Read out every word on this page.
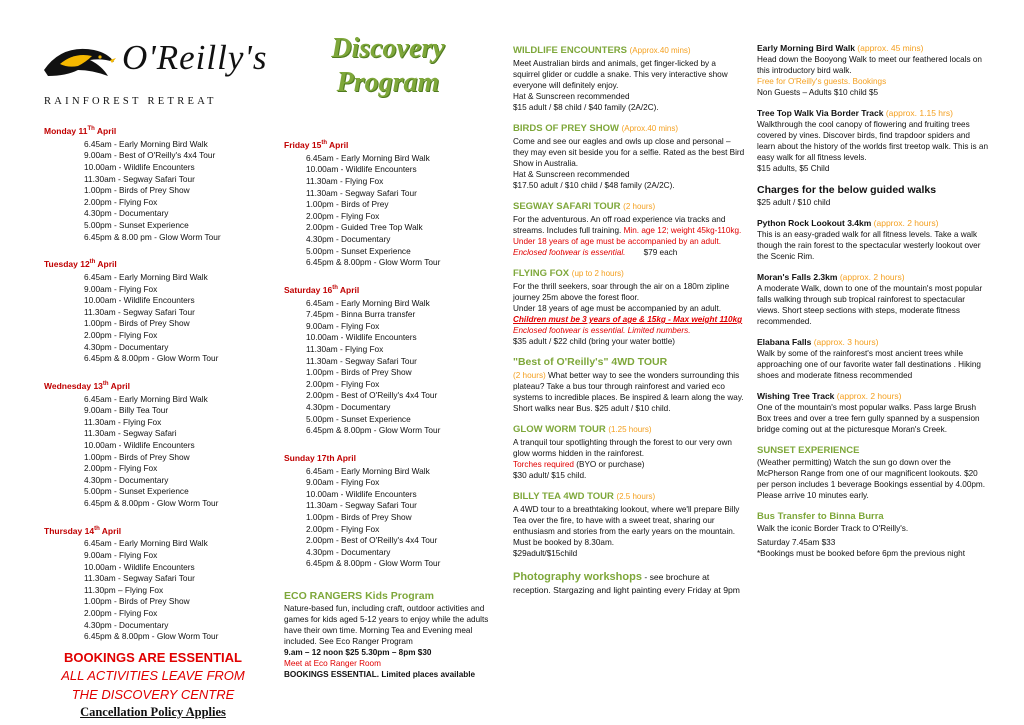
O'Reilly's
RAINFOREST RETREAT
Monday 11Th April
6.45am - Early Morning Bird Walk
9.00am - Best of O'Reilly's 4x4 Tour
10.00am - Wildlife Encounters
11.30am - Segway Safari Tour
1.00pm - Birds of Prey Show
2.00pm - Flying Fox
4.30pm - Documentary
5.00pm - Sunset Experience
6.45pm & 8.00 pm - Glow Worm Tour
Tuesday 12th April
6.45am - Early Morning Bird Walk
9.00am - Flying Fox
10.00am - Wildlife Encounters
11.30am - Segway Safari Tour
1.00pm - Birds of Prey Show
2.00pm - Flying Fox
4.30pm - Documentary
6.45pm & 8.00pm - Glow Worm Tour
Wednesday 13th April
6.45am - Early Morning Bird Walk
9.00am - Billy Tea Tour
11.30am - Flying Fox
11.30am - Segway Safari
10.00am - Wildlife Encounters
1.00pm - Birds of Prey Show
2.00pm - Flying Fox
4.30pm - Documentary
5.00pm - Sunset Experience
6.45pm & 8.00pm - Glow Worm Tour
Thursday 14th April
6.45am - Early Morning Bird Walk
9.00am - Flying Fox
10.00am - Wildlife Encounters
11.30am - Segway Safari Tour
11.30pm – Flying Fox
1.00pm - Birds of Prey Show
2.00pm - Flying Fox
4.30pm - Documentary
6.45pm & 8.00pm - Glow Worm Tour
BOOKINGS ARE ESSENTIAL
ALL ACTIVITIES LEAVE FROM
THE DISCOVERY CENTRE
Cancellation Policy Applies
Discovery
Program
Friday 15th April
6.45am - Early Morning Bird Walk
10.00am - Wildlife Encounters
11.30am - Flying Fox
11.30am - Segway Safari Tour
1.00pm - Birds of Prey
2.00pm - Flying Fox
2.00pm - Guided Tree Top Walk
4.30pm - Documentary
5.00pm - Sunset Experience
6.45pm & 8.00pm - Glow Worm Tour
Saturday 16th April
6.45am - Early Morning Bird Walk
7.45pm - Binna Burra transfer
9.00am - Flying Fox
10.00am - Wildlife Encounters
11.30am - Flying Fox
11.30am - Segway Safari Tour
1.00pm - Birds of Prey Show
2.00pm - Flying Fox
2.00pm - Best of O'Reilly's 4x4 Tour
4.30pm - Documentary
5.00pm - Sunset Experience
6.45pm & 8.00pm - Glow Worm Tour
Sunday 17th April
6.45am - Early Morning Bird Walk
9.00am - Flying Fox
10.00am - Wildlife Encounters
11.30am - Segway Safari Tour
1.00pm - Birds of Prey Show
2.00pm - Flying Fox
2.00pm - Best of O'Reilly's 4x4 Tour
4.30pm - Documentary
6.45pm & 8.00pm - Glow Worm Tour
ECO RANGERS Kids Program
Nature-based fun, including craft, outdoor activities and games for kids aged 5-12 years to enjoy while the adults have their own time. Morning Tea and Evening meal included. See Eco Ranger Program
9.am – 12 noon $25 5.30pm – 8pm $30
Meet at Eco Ranger Room
BOOKINGS ESSENTIAL. Limited places available
WILDLIFE ENCOUNTERS (Approx.40 mins)
Meet Australian birds and animals, get finger-licked by a squirrel glider or cuddle a snake. This very interactive show everyone will definitely enjoy.
Hat & Sunscreen recommended
$15 adult / $8 child / $40 family (2A/2C).
BIRDS OF PREY SHOW (Aprox.40 mins)
Come and see our eagles and owls up close and personal – they may even sit beside you for a selfie. Rated as the best Bird Show in Australia.
Hat & Sunscreen recommended
$17.50 adult / $10 child / $48 family (2A/2C).
SEGWAY SAFARI TOUR (2 hours)
For the adventurous. An off road experience via tracks and streams. Includes full training. Min. age 12; weight 45kg-110kg. Under 18 years of age must be accompanied by an adult.
Enclosed footwear is essential. $79 each
FLYING FOX (up to 2 hours)
For the thrill seekers, soar through the air on a 180m zipline journey 25m above the forest floor.
Under 18 years of age must be accompanied by an adult. Children must be 3 years of age & 15kg - Max weight 110kg
Enclosed footwear is essential. Limited numbers.
$35 adult / $22 child (bring your water bottle)
"Best of O'Reilly's" 4WD TOUR
(2 hours) What better way to see the wonders surrounding this plateau? Take a bus tour through rainforest and varied eco systems to incredible places. Be inspired & learn along the way.
Short walks near Bus. $25 adult / $10 child.
GLOW WORM TOUR (1.25 hours)
A tranquil tour spotlighting through the forest to our very own glow worms hidden in the rainforest.
Torches required (BYO or purchase)
$30 adult/ $15 child.
BILLY TEA 4WD TOUR (2.5 hours)
A 4WD tour to a breathtaking lookout, where we'll prepare Billy Tea over the fire, to have with a sweet treat, sharing our enthusiasm and stories from the early years on the mountain.
Must be booked by 8.30am.
$29adult/$15child
Photography workshops - see brochure at reception. Stargazing and light painting every Friday at 9pm
Early Morning Bird Walk (approx. 45 mins)
Head down the Booyong Walk to meet our feathered locals on this introductory bird walk.
Free for O'Reilly's guests. Bookings
Non Guests – Adults $10 child $5
Tree Top Walk Via Border Track (approx. 1.15 hrs)
Walkthrough the cool canopy of flowering and fruiting trees covered by vines. Discover birds, find trapdoor spiders and learn about the history of the worlds first treetop walk. This is an easy walk for all fitness levels.
$15 adults, $5 Child
Charges for the below guided walks
$25 adult / $10 child
Python Rock Lookout 3.4km (approx. 2 hours)
This is an easy-graded walk for all fitness levels. Take a walk though the rain forest to the spectacular westerly lookout over the Scenic Rim.
Moran's Falls 2.3km (approx. 2 hours)
A moderate Walk, down to one of the mountain's most popular falls walking through sub tropical rainforest to spectacular views. Short steep sections with steps, moderate fitness recommended.
Elabana Falls (approx. 3 hours)
Walk by some of the rainforest's most ancient trees while approaching one of our favorite water fall destinations . Hiking shoes and moderate fitness recommended
Wishing Tree Track (approx. 2 hours)
One of the mountain's most popular walks. Pass large Brush Box trees and over a tree fern gully spanned by a suspension bridge coming out at the picturesque Moran's Creek.
SUNSET EXPERIENCE
(Weather permitting) Watch the sun go down over the McPherson Range from one of our magnificent lookouts. $20 per person includes 1 beverage Bookings essential by 4.00pm. Please arrive 10 minutes early.
Bus Transfer to Binna Burra
Walk the iconic Border Track to O'Reilly's.
Saturday 7.45am $33
*Bookings must be booked before 6pm the previous night
